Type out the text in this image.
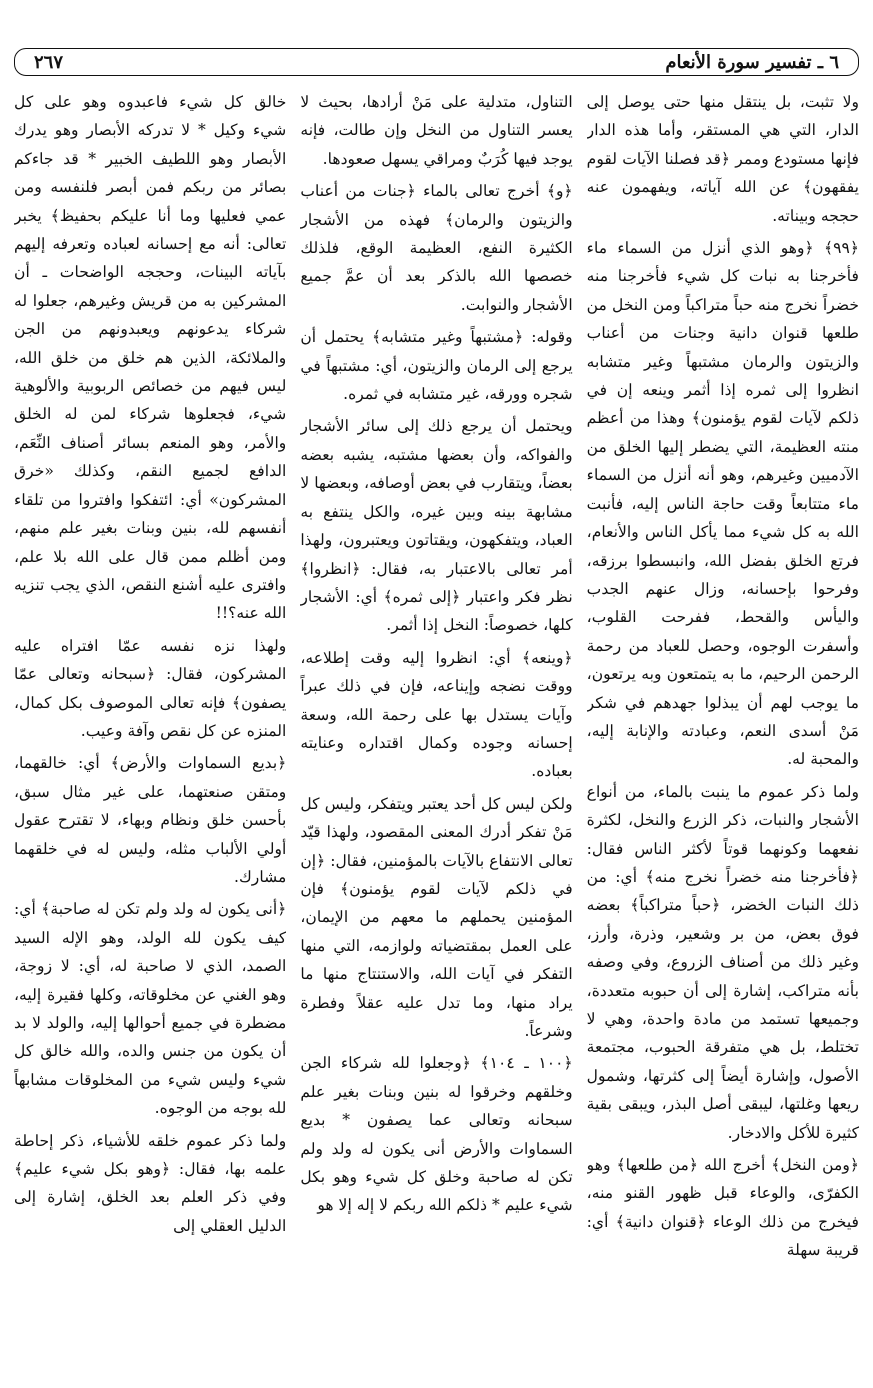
٦ ـ تفسير سورة الأنعام
٢٦٧

ولا تثبت، بل ينتقل منها حتى يوصل إلى الدار، التي هي المستقر، وأما هذه الدار فإنها مستودع وممر ﴿قد فصلنا الآيات لقوم يفقهون﴾ عن الله آياته، ويفهمون عنه حججه وبيناته.

﴿٩٩﴾ ﴿وهو الذي أنزل من السماء ماء فأخرجنا به نبات كل شيء فأخرجنا منه خضراً نخرج منه حباً متراكباً ومن النخل من طلعها قنوان دانية وجنات من أعناب والزيتون والرمان مشتبهاً وغير متشابه انظروا إلى ثمره إذا أثمر وينعه إن في ذلكم لآيات لقوم يؤمنون﴾ وهذا من أعظم منته العظيمة، التي يضطر إليها الخلق من الآدميين وغيرهم، وهو أنه أنزل من السماء ماء متتابعاً وقت حاجة الناس إليه، فأنبت الله به كل شيء مما يأكل الناس والأنعام، فرتع الخلق بفضل الله، وانبسطوا برزقه، وفرحوا بإحسانه، وزال عنهم الجدب واليأس والقحط، ففرحت القلوب، وأسفرت الوجوه، وحصل للعباد من رحمة الرحمن الرحيم، ما به يتمتعون وبه يرتعون، ما يوجب لهم أن يبذلوا جهدهم في شكر مَنْ أسدى النعم، وعبادته والإنابة إليه، والمحبة له.

ولما ذكر عموم ما ينبت بالماء، من أنواع الأشجار والنبات، ذكر الزرع والنخل، لكثرة نفعهما وكونهما قوتاً لأكثر الناس فقال: ﴿فأخرجنا منه خضراً نخرج منه﴾ أي: من ذلك النبات الخضر، ﴿حباً متراكباً﴾ بعضه فوق بعض، من بر وشعير، وذرة، وأرز، وغير ذلك من أصناف الزروع، وفي وصفه بأنه متراكب، إشارة إلى أن حبوبه متعددة، وجميعها تستمد من مادة واحدة، وهي لا تختلط، بل هي متفرقة الحبوب، مجتمعة الأصول، وإشارة أيضاً إلى كثرتها، وشمول ريعها وغلتها، ليبقى أصل البذر، ويبقى بقية كثيرة للأكل والادخار.

﴿ومن النخل﴾ أخرج الله ﴿من طلعها﴾ وهو الكفرّى، والوعاء قبل ظهور القنو منه، فيخرج من ذلك الوعاء ﴿قنوان دانية﴾ أي: قريبة سهلة

التناول، متدلية على مَنْ أرادها، بحيث لا يعسر التناول من النخل وإن طالت، فإنه يوجد فيها كُرَبٌ ومراقي يسهل صعودها.

﴿و﴾ أخرج تعالى بالماء ﴿جنات من أعناب والزيتون والرمان﴾ فهذه من الأشجار الكثيرة النفع، العظيمة الوقع، فلذلك خصصها الله بالذكر بعد أن عمَّ جميع الأشجار والنوابت.

وقوله: ﴿مشتبهاً وغير متشابه﴾ يحتمل أن يرجع إلى الرمان والزيتون، أي: مشتبهاً في شجره وورقه، غير متشابه في ثمره.

ويحتمل أن يرجع ذلك إلى سائر الأشجار والفواكه، وأن بعضها مشتبه، يشبه بعضه بعضاً، ويتقارب في بعض أوصافه، وبعضها لا مشابهة بينه وبين غيره، والكل ينتفع به العباد، ويتفكهون، ويقتاتون ويعتبرون، ولهذا أمر تعالى بالاعتبار به، فقال: ﴿انظروا﴾ نظر فكر واعتبار ﴿إلى ثمره﴾ أي: الأشجار كلها، خصوصاً: النخل إذا أثمر.

﴿وينعه﴾ أي: انظروا إليه وقت إطلاعه، ووقت نضجه وإيناعه، فإن في ذلك عبراً وآيات يستدل بها على رحمة الله، وسعة إحسانه وجوده وكمال اقتداره وعنايته بعباده.

ولكن ليس كل أحد يعتبر ويتفكر، وليس كل مَنْ تفكر أدرك المعنى المقصود، ولهذا قيّد تعالى الانتفاع بالآيات بالمؤمنين، فقال: ﴿إن في ذلكم لآيات لقوم يؤمنون﴾ فإن المؤمنين يحملهم ما معهم من الإيمان، على العمل بمقتضياته ولوازمه، التي منها التفكر في آيات الله، والاستنتاج منها ما يراد منها، وما تدل عليه عقلاً وفطرة وشرعاً.

﴿١٠٠ ـ ١٠٤﴾ ﴿وجعلوا لله شركاء الجن وخلقهم وخرقوا له بنين وبنات بغير علم سبحانه وتعالى عما يصفون * بديع السماوات والأرض أنى يكون له ولد ولم تكن له صاحبة وخلق كل شيء وهو بكل شيء عليم * ذلكم الله ربكم لا إله إلا هو

خالق كل شيء فاعبدوه وهو على كل شيء وكيل * لا تدركه الأبصار وهو يدرك الأبصار وهو اللطيف الخبير * قد جاءكم بصائر من ربكم فمن أبصر فلنفسه ومن عمي فعليها وما أنا عليكم بحفيظ﴾ يخبر تعالى: أنه مع إحسانه لعباده وتعرفه إليهم بآياته البينات، وحججه الواضحات ـ أن المشركين به من قريش وغيرهم، جعلوا له شركاء يدعونهم ويعبدونهم من الجن والملائكة، الذين هم خلق من خلق الله، ليس فيهم من خصائص الربوبية والألوهية شيء، فجعلوها شركاء لمن له الخلق والأمر، وهو المنعم بسائر أصناف النِّعَم، الدافع لجميع النقم، وكذلك «خرق المشركون» أي: ائتفكوا وافتروا من تلقاء أنفسهم لله، بنين وبنات بغير علم منهم، ومن أظلم ممن قال على الله بلا علم، وافترى عليه أشنع النقص، الذي يجب تنزيه الله عنه؟!!

ولهذا نزه نفسه عمّا افتراه عليه المشركون، فقال: ﴿سبحانه وتعالى عمّا يصفون﴾ فإنه تعالى الموصوف بكل كمال، المنزه عن كل نقص وآفة وعيب.

﴿بديع السماوات والأرض﴾ أي: خالقهما، ومتقن صنعتهما، على غير مثال سبق، بأحسن خلق ونظام وبهاء، لا تقترح عقول أولي الألباب مثله، وليس له في خلقهما مشارك.

﴿أنى يكون له ولد ولم تكن له صاحبة﴾ أي: كيف يكون لله الولد، وهو الإله السيد الصمد، الذي لا صاحبة له، أي: لا زوجة، وهو الغني عن مخلوقاته، وكلها فقيرة إليه، مضطرة في جميع أحوالها إليه، والولد لا بد أن يكون من جنس والده، والله خالق كل شيء وليس شيء من المخلوقات مشابهاً لله بوجه من الوجوه.

ولما ذكر عموم خلقه للأشياء، ذكر إحاطة علمه بها، فقال: ﴿وهو بكل شيء عليم﴾ وفي ذكر العلم بعد الخلق، إشارة إلى الدليل العقلي إلى
